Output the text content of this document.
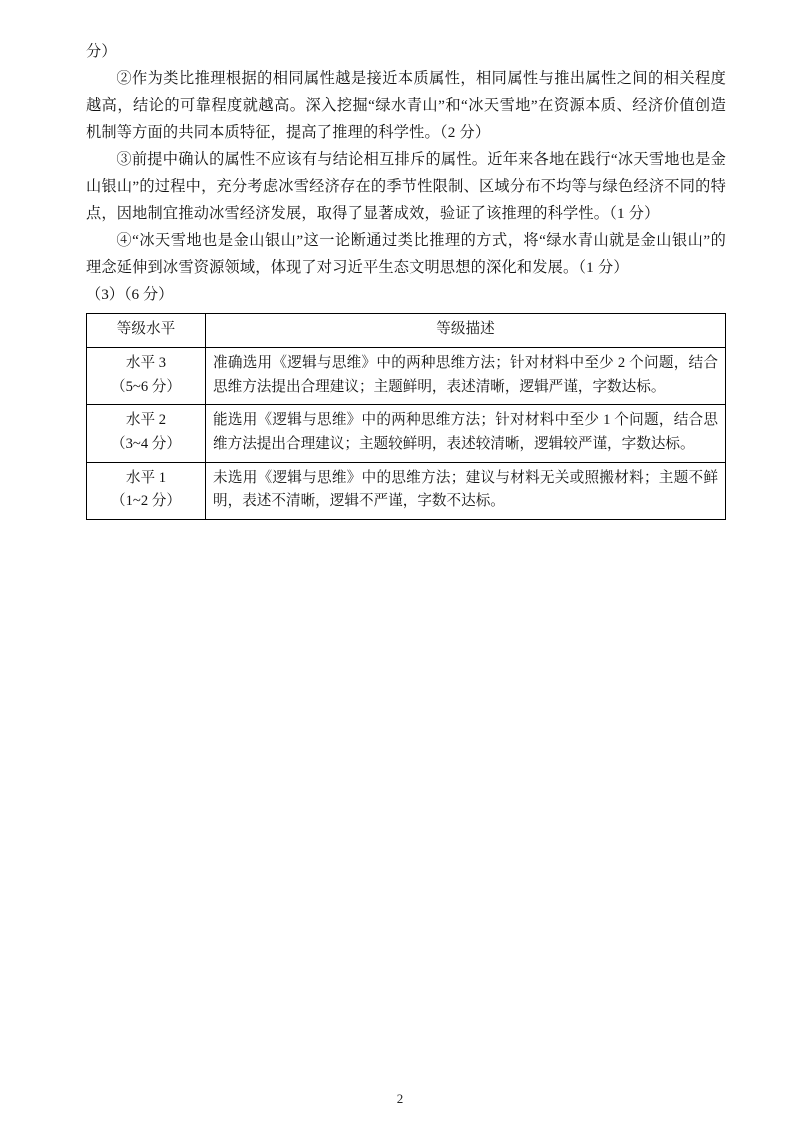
分）

②作为类比推理根据的相同属性越是接近本质属性，相同属性与推出属性之间的相关程度越高，结论的可靠程度就越高。深入挖掘“绿水青山”和“冰天雪地”在资源本质、经济价值创造机制等方面的共同本质特征，提高了推理的科学性。（2 分）

③前提中确认的属性不应该有与结论相互排斥的属性。近年来各地在践行“冰天雪地也是金山银山”的过程中，充分考虑冰雪经济存在的季节性限制、区域分布不均等与绿色经济不同的特点，因地制宜推动冰雪经济发展，取得了显著成效，验证了该推理的科学性。（1 分）

④“冰天雪地也是金山银山”这一论断通过类比推理的方式，将“绿水青山就是金山银山”的理念延伸到冰雪资源领域，体现了对习近平生态文明思想的深化和发展。（1 分）

（3）（6 分）

等级水平	等级描述

水平 3
（5~6 分）	准确选用《逻辑与思维》中的两种思维方法；针对材料中至少 2 个问题，结合思维方法提出合理建议；主题鲜明，表述清晰，逻辑严谨，字数达标。

水平 2
（3~4 分）	能选用《逻辑与思维》中的两种思维方法；针对材料中至少 1 个问题，结合思维方法提出合理建议；主题较鲜明，表述较清晰，逻辑较严谨，字数达标。

水平 1
（1~2 分）	未选用《逻辑与思维》中的思维方法；建议与材料无关或照搬材料；主题不鲜明，表述不清晰，逻辑不严谨，字数不达标。
2
